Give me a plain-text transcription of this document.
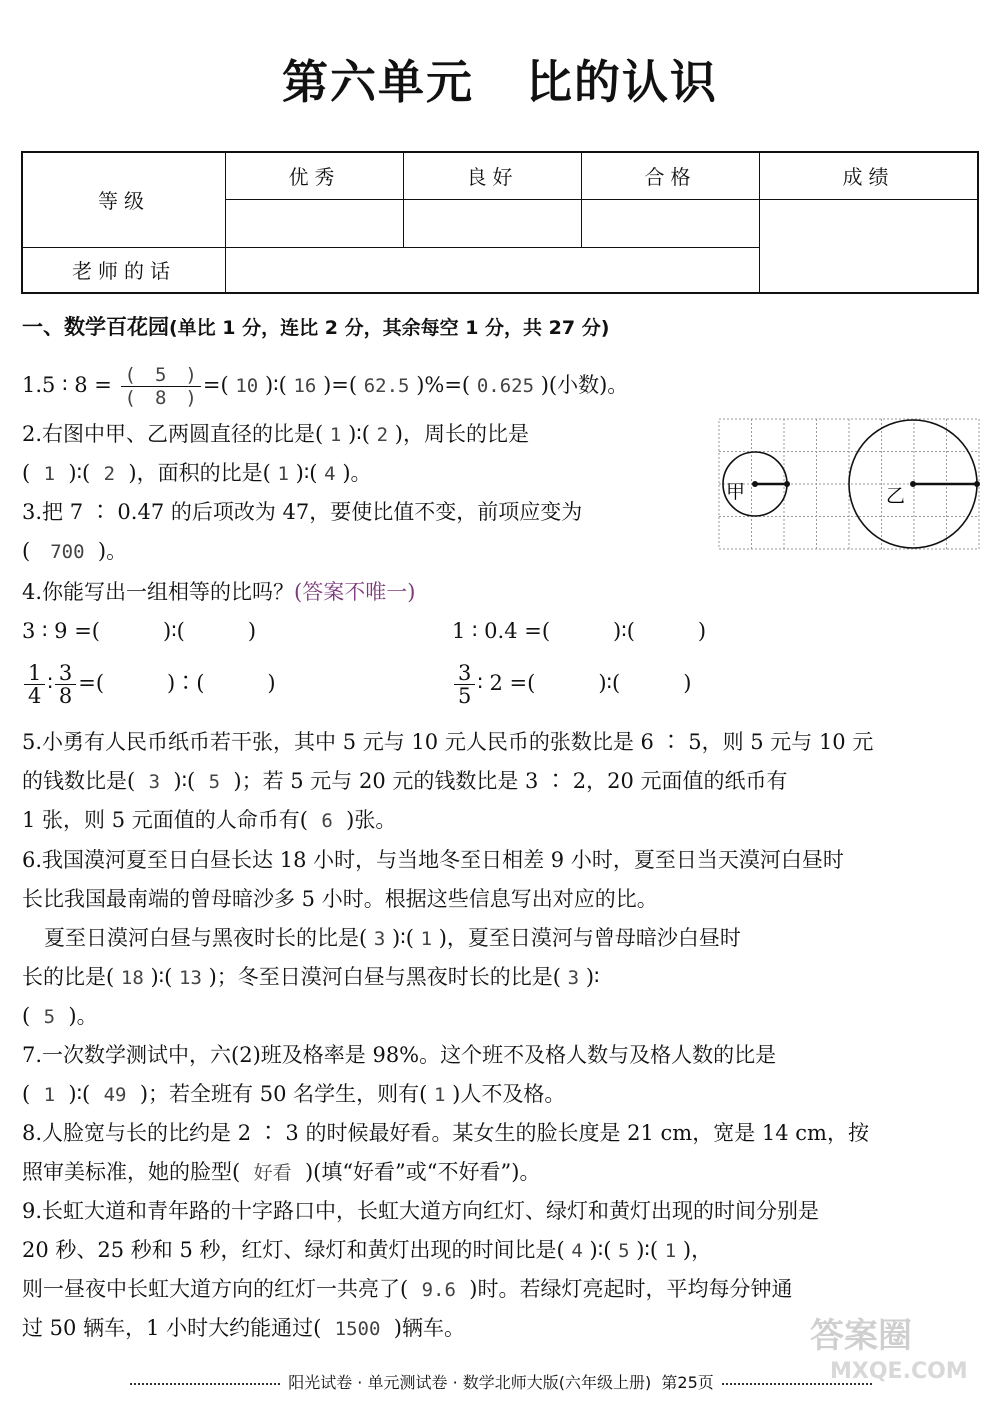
第六单元 比的认识
等级	优秀	良好	合格	成绩

老师的话				
一、数学百花园(单比 1 分，连比 2 分，其余每空 1 分，共 27 分)
1.5 ∶ $8 = \frac{( 5 )}{( 8 )}$ =( 10 )∶( 16 )=( 62.5 )%=( 0.625 )(小数)。
2.右图中甲、乙两圆直径的比是( 1 )∶( 2 )，周长的比是
( 1 )∶( 2 )，面积的比是( 1 )∶( 4 )。
3.把 7 ∶ 0.47 的后项改为 47，要使比值不变，前项应变为
( 700 )。
甲	乙
4.你能写出一组相等的比吗？(答案不唯一)
3 ∶ 9 =(　　　)∶(　　　)	1 ∶ 0.4 =(　　　)∶(　　　)
$\frac{1}{4}$ ∶ $\frac{3}{8}$ =(　　　)∶(　　　)	$\frac{3}{5}$ ∶ 2 =(　　　)∶(　　　)
5.小勇有人民币纸币若干张，其中 5 元与 10 元人民币的张数比是 6 ∶ 5，则 5 元与 10 元
的钱数比是( 3 )∶( 5 )；若 5 元与 20 元的钱数比是 3 ∶ 2，20 元面值的纸币有
1 张，则 5 元面值的人命币有( 6 )张。
6.我国漠河夏至日白昼长达 18 小时，与当地冬至日相差 9 小时，夏至日当天漠河白昼时
长比我国最南端的曾母暗沙多 5 小时。根据这些信息写出对应的比。
夏至日漠河白昼与黑夜时长的比是( 3 )∶( 1 )，夏至日漠河与曾母暗沙白昼时
长的比是( 18 )∶( 13 )；冬至日漠河白昼与黑夜时长的比是( 3 )∶
( 5 )。
7.一次数学测试中，六(2)班及格率是 98%。这个班不及格人数与及格人数的比是
( 1 )∶( 49 )；若全班有 50 名学生，则有( 1 )人不及格。
8.人脸宽与长的比约是 2 ∶ 3 的时候最好看。某女生的脸长度是 21 cm，宽是 14 cm，按
照审美标准，她的脸型( 好看 )(填“好看”或“不好看”)。
9.长虹大道和青年路的十字路口中，长虹大道方向红灯、绿灯和黄灯出现的时间分别是
20 秒、25 秒和 5 秒，红灯、绿灯和黄灯出现的时间比是( 4 )∶( 5 )∶( 1 )，
则一昼夜中长虹大道方向的红灯一共亮了( 9.6 )时。若绿灯亮起时，平均每分钟通
过 50 辆车，1 小时大约能通过( 1500 )辆车。
阳光试卷 · 单元测试卷 · 数学北师大版(六年级上册) 第25页
答案圈
MXQE.COM
